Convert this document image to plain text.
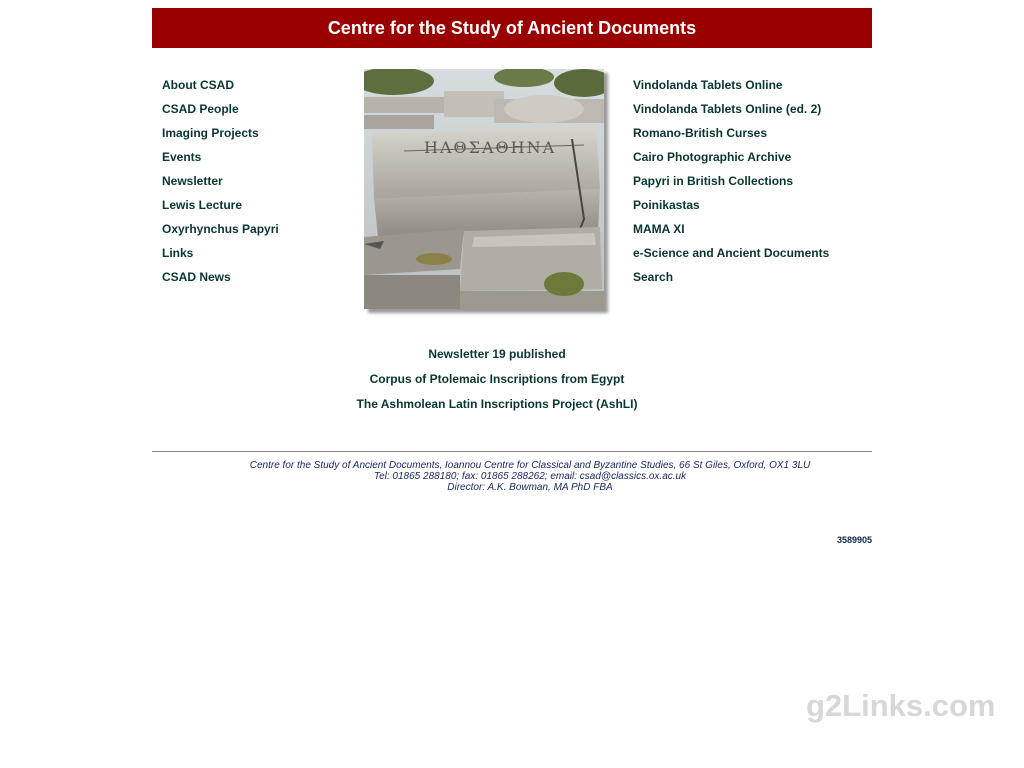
Centre for the Study of Ancient Documents
About CSAD
CSAD People
Imaging Projects
Events
Newsletter
Lewis Lecture
Oxyrhynchus Papyri
Links
CSAD News
ΗΛΘΣΑΘΗΝΑ
Vindolanda Tablets Online
Vindolanda Tablets Online (ed. 2)
Romano-British Curses
Cairo Photographic Archive
Papyri in British Collections
Poinikastas
MAMA XI
e-Science and Ancient Documents
Search
Newsletter 19 published
Corpus of Ptolemaic Inscriptions from Egypt
The Ashmolean Latin Inscriptions Project (AshLI)
Centre for the Study of Ancient Documents, Ioannou Centre for Classical and Byzantine Studies, 66 St Giles, Oxford, OX1 3LU
Tel: 01865 288180; fax: 01865 288262; email: csad@classics.ox.ac.uk
Director: A.K. Bowman, MA PhD FBA
3589905
g2Links.com
